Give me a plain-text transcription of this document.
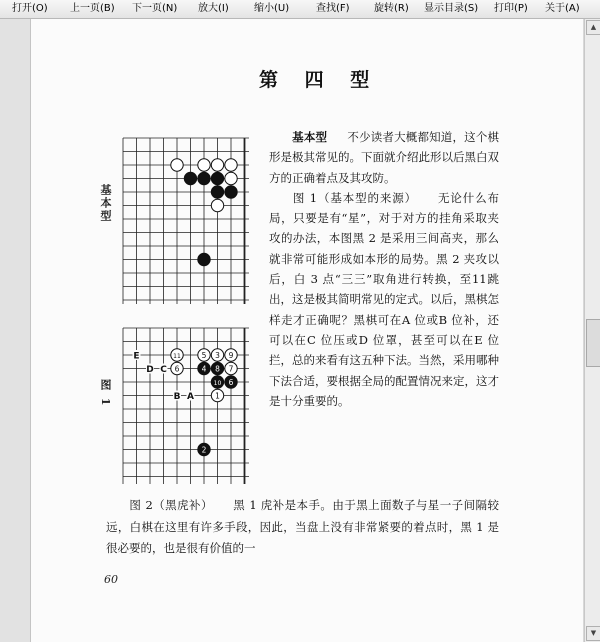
打开(O) 上一页(B) 下一页(N) 放大(I)	缩小(U)	查找(F) 旋转(R) 显示目录(S) 打印(P) 关于(A)
第 四 型
基本型
图 1
E
D C
B A
11	5 3 9
6	4 8 7
10 6
1
2

基本型 不少读者大概都知道，这个棋形是极其常见的。下面就介绍此形以后黑白双方的正确着点及其攻防。

图 1（基本型的来源） 无论什么布局，只要是有“星”，对于对方的挂角采取夹攻的办法，本图黑 2 是采用三间高夹，那么就非常可能形成如本形的局势。黑 2 夹攻以后，白 3 点“三三”取角进行转换，至11跳出，这是极其简明常见的定式。以后，黑棋怎样走才正确呢？黑棋可在A 位或B 位补，还可以在C 位压或D 位罩，甚至可以在E 位拦，总的来看有这五种下法。当然，采用哪种下法合适，要根据全局的配置情况来定，这才是十分重要的。

图 2（黑虎补） 黑 1 虎补是本手。由于黑上面数子与星一子间隔较远，白棋在这里有许多手段，因此，当盘上没有非常紧要的着点时，黑 1 是很必要的，也是很有价值的一

60
▲
▼
